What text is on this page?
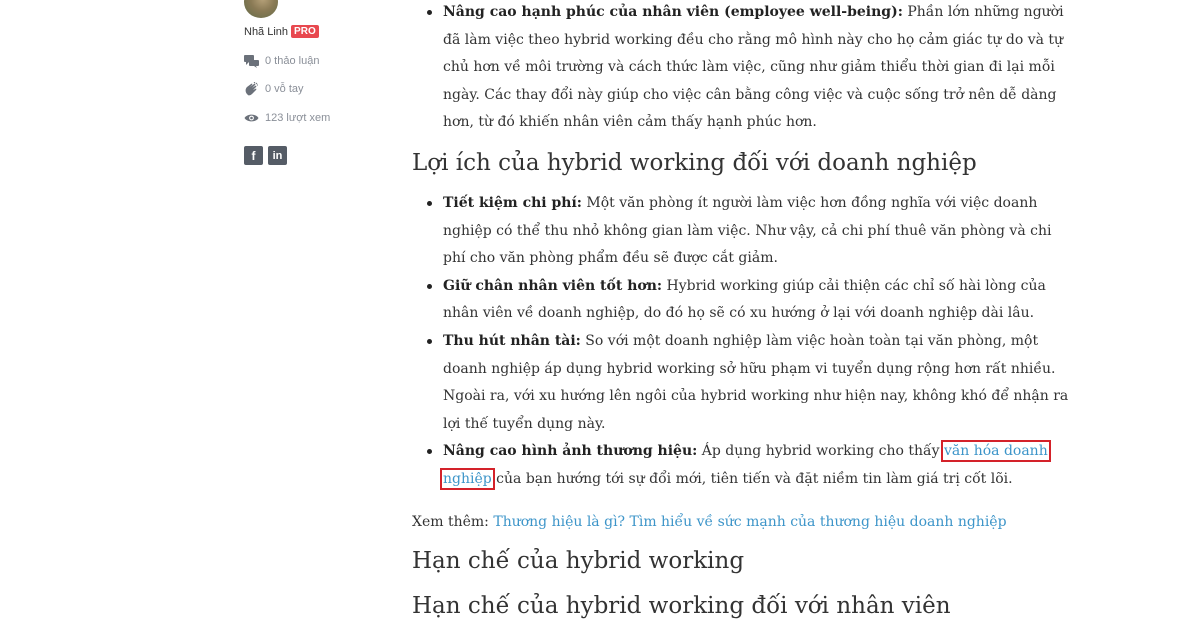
Nhã Linh PRO
0 thảo luận
0 vỗ tay
123 lượt xem
f	in
Nâng cao hạnh phúc của nhân viên (employee well-being): Phần lớn những người đã làm việc theo hybrid working đều cho rằng mô hình này cho họ cảm giác tự do và tự chủ hơn về môi trường và cách thức làm việc, cũng như giảm thiểu thời gian đi lại mỗi ngày. Các thay đổi này giúp cho việc cân bằng công việc và cuộc sống trở nên dễ dàng hơn, từ đó khiến nhân viên cảm thấy hạnh phúc hơn.
Lợi ích của hybrid working đối với doanh nghiệp
Tiết kiệm chi phí: Một văn phòng ít người làm việc hơn đồng nghĩa với việc doanh nghiệp có thể thu nhỏ không gian làm việc. Như vậy, cả chi phí thuê văn phòng và chi phí cho văn phòng phẩm đều sẽ được cắt giảm.
Giữ chân nhân viên tốt hơn: Hybrid working giúp cải thiện các chỉ số hài lòng của nhân viên về doanh nghiệp, do đó họ sẽ có xu hướng ở lại với doanh nghiệp dài lâu.
Thu hút nhân tài: So với một doanh nghiệp làm việc hoàn toàn tại văn phòng, một doanh nghiệp áp dụng hybrid working sở hữu phạm vi tuyển dụng rộng hơn rất nhiều. Ngoài ra, với xu hướng lên ngôi của hybrid working như hiện nay, không khó để nhận ra lợi thế tuyển dụng này.
Nâng cao hình ảnh thương hiệu: Áp dụng hybrid working cho thấy văn hóa doanh nghiệp của bạn hướng tới sự đổi mới, tiên tiến và đặt niềm tin làm giá trị cốt lõi.
Xem thêm: Thương hiệu là gì? Tìm hiểu về sức mạnh của thương hiệu doanh nghiệp
Hạn chế của hybrid working
Hạn chế của hybrid working đối với nhân viên
